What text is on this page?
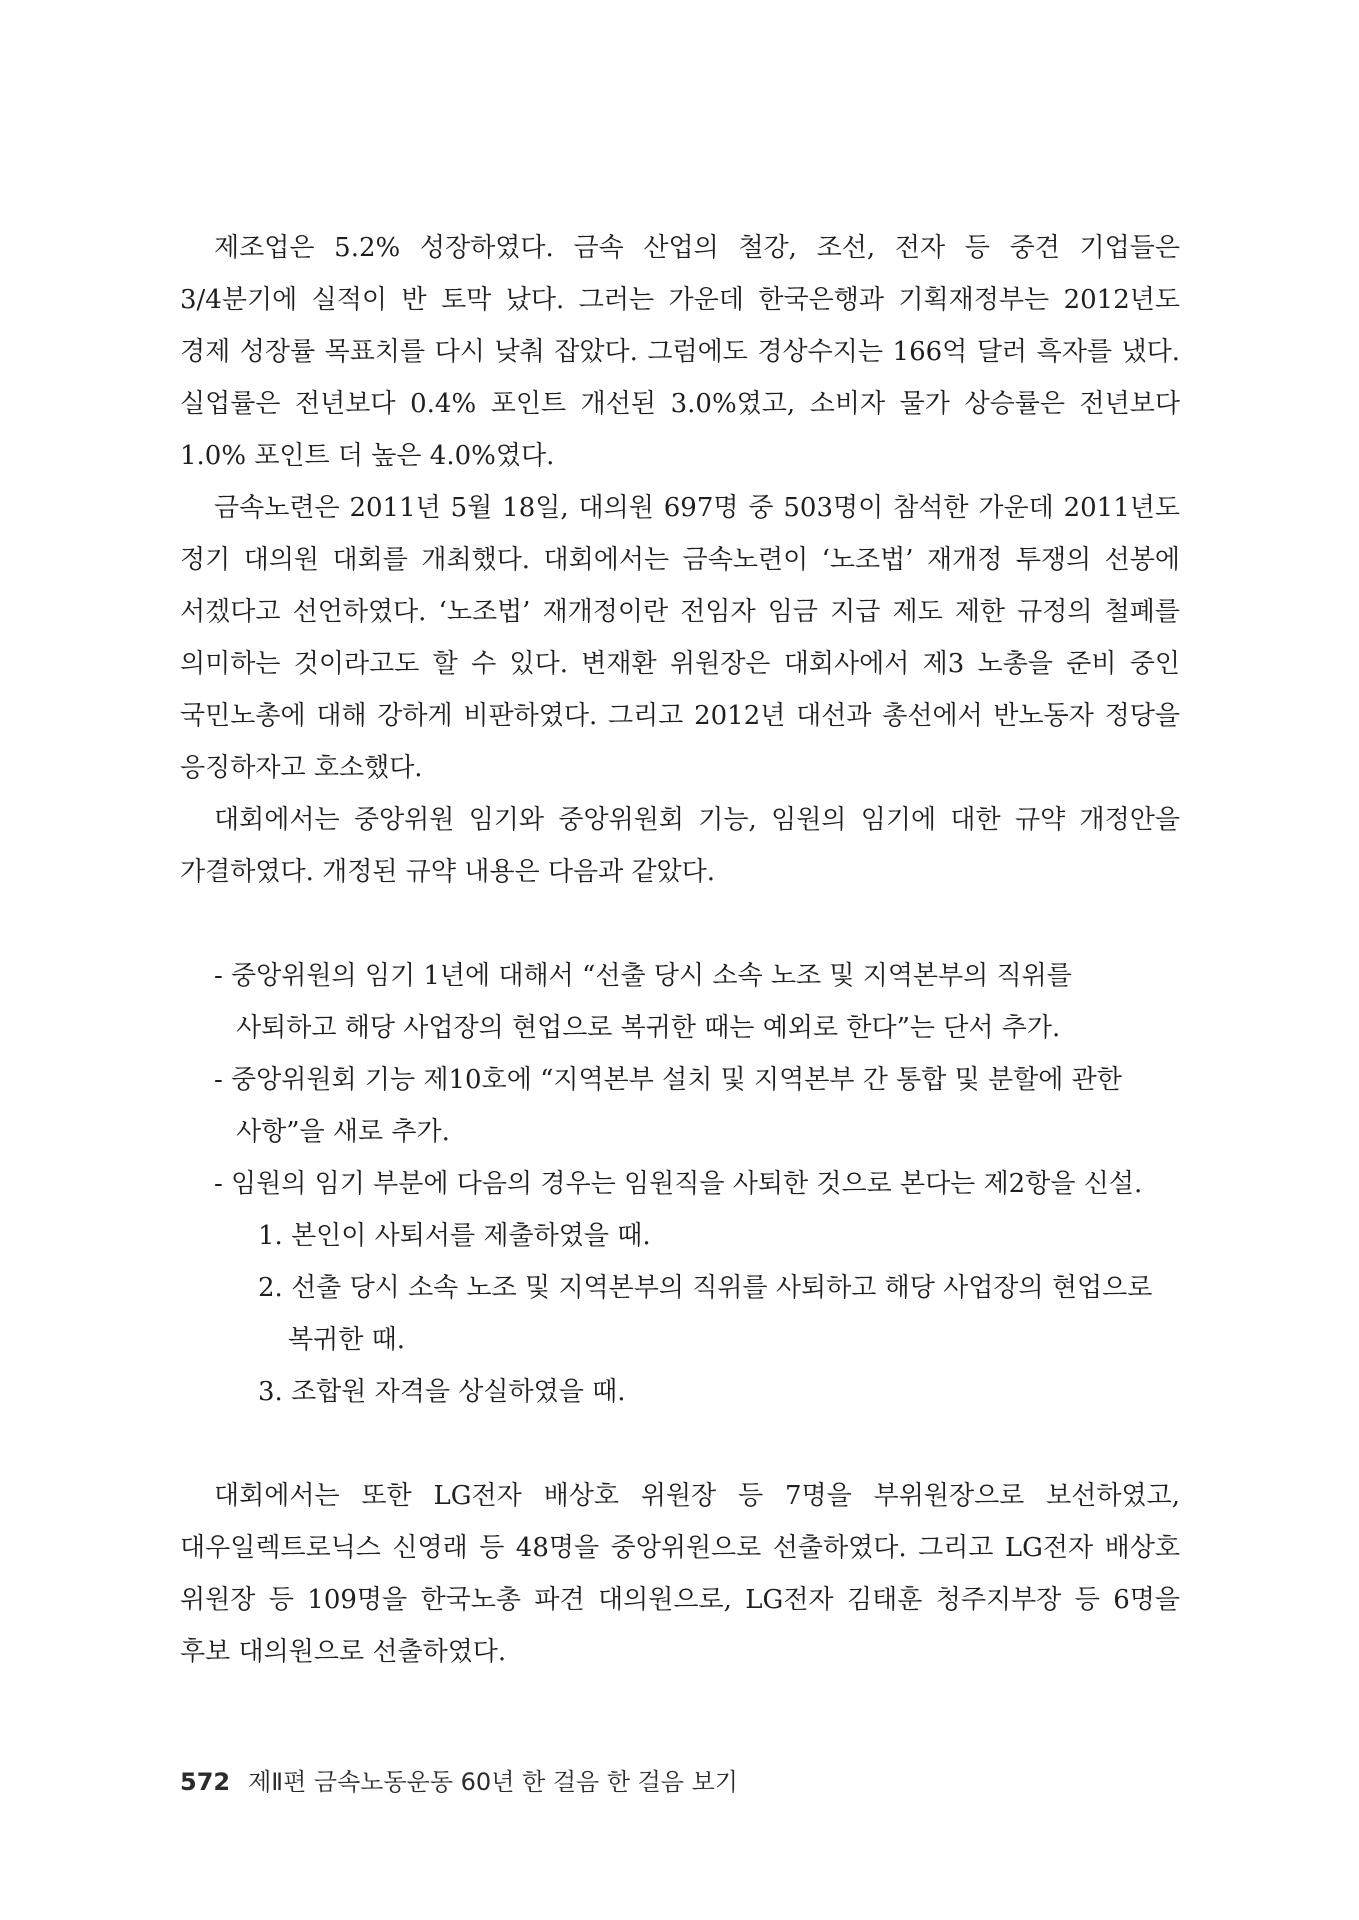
제조업은 5.2% 성장하였다. 금속 산업의 철강, 조선, 전자 등 중견 기업들은 3/4분기에 실적이 반 토막 났다. 그러는 가운데 한국은행과 기획재정부는 2012년도 경제 성장률 목표치를 다시 낮춰 잡았다. 그럼에도 경상수지는 166억 달러 흑자를 냈다. 실업률은 전년보다 0.4% 포인트 개선된 3.0%였고, 소비자 물가 상승률은 전년보다 1.0% 포인트 더 높은 4.0%였다.

금속노련은 2011년 5월 18일, 대의원 697명 중 503명이 참석한 가운데 2011년도 정기 대의원 대회를 개최했다. 대회에서는 금속노련이 ‘노조법’ 재개정 투쟁의 선봉에 서겠다고 선언하였다. ‘노조법’ 재개정이란 전임자 임금 지급 제도 제한 규정의 철폐를 의미하는 것이라고도 할 수 있다. 변재환 위원장은 대회사에서 제3 노총을 준비 중인 국민노총에 대해 강하게 비판하였다. 그리고 2012년 대선과 총선에서 반노동자 정당을 응징하자고 호소했다.

대회에서는 중앙위원 임기와 중앙위원회 기능, 임원의 임기에 대한 규약 개정안을 가결하였다. 개정된 규약 내용은 다음과 같았다.

- 중앙위원의 임기 1년에 대해서 “선출 당시 소속 노조 및 지역본부의 직위를 사퇴하고 해당 사업장의 현업으로 복귀한 때는 예외로 한다”는 단서 추가.
- 중앙위원회 기능 제10호에 “지역본부 설치 및 지역본부 간 통합 및 분할에 관한 사항”을 새로 추가.
- 임원의 임기 부분에 다음의 경우는 임원직을 사퇴한 것으로 본다는 제2항을 신설.
1. 본인이 사퇴서를 제출하였을 때.
2. 선출 당시 소속 노조 및 지역본부의 직위를 사퇴하고 해당 사업장의 현업으로 복귀한 때.
3. 조합원 자격을 상실하였을 때.

대회에서는 또한 LG전자 배상호 위원장 등 7명을 부위원장으로 보선하였고, 대우일렉트로닉스 신영래 등 48명을 중앙위원으로 선출하였다. 그리고 LG전자 배상호 위원장 등 109명을 한국노총 파견 대의원으로, LG전자 김태훈 청주지부장 등 6명을 후보 대의원으로 선출하였다.

572 제Ⅱ편 금속노동운동 60년 한 걸음 한 걸음 보기
